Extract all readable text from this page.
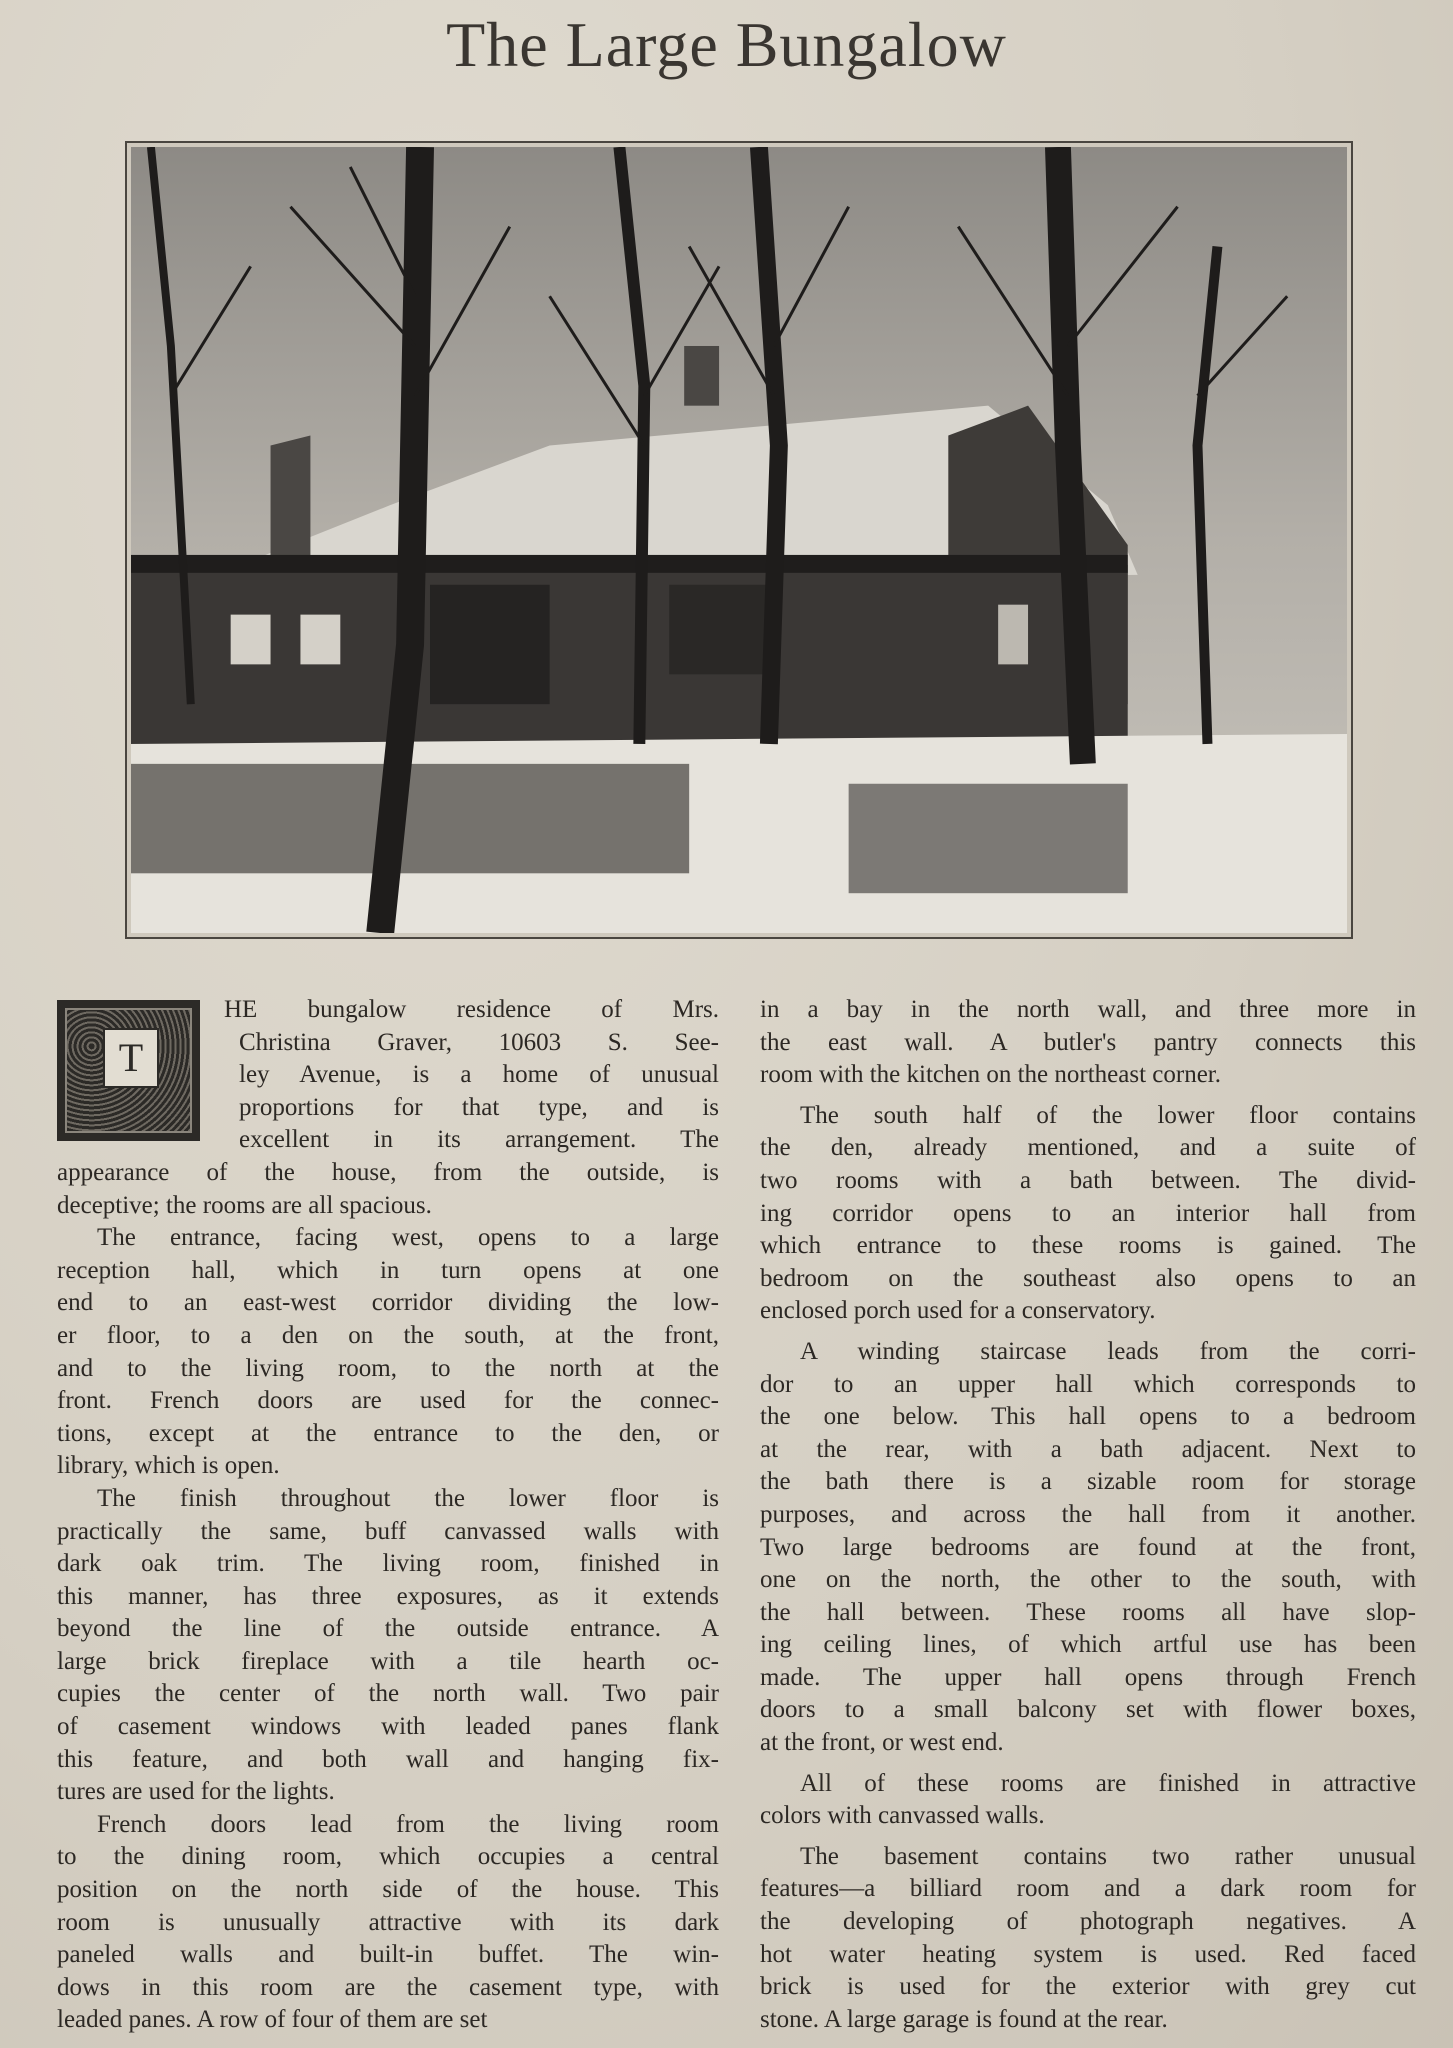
The Large Bungalow
T
HE bungalow residence of Mrs.
Christina Graver, 10603 S. See-
ley Avenue, is a home of unusual
proportions for that type, and is
excellent in its arrangement. The
appearance of the house, from the outside, is
deceptive; the rooms are all spacious.
The entrance, facing west, opens to a large
reception hall, which in turn opens at one
end to an east-west corridor dividing the low-
er floor, to a den on the south, at the front,
and to the living room, to the north at the
front. French doors are used for the connec-
tions, except at the entrance to the den, or
library, which is open.
The finish throughout the lower floor is
practically the same, buff canvassed walls with
dark oak trim. The living room, finished in
this manner, has three exposures, as it extends
beyond the line of the outside entrance. A
large brick fireplace with a tile hearth oc-
cupies the center of the north wall. Two pair
of casement windows with leaded panes flank
this feature, and both wall and hanging fix-
tures are used for the lights.
French doors lead from the living room
to the dining room, which occupies a central
position on the north side of the house. This
room is unusually attractive with its dark
paneled walls and built-in buffet. The win-
dows in this room are the casement type, with
leaded panes. A row of four of them are set
in a bay in the north wall, and three more in
the east wall. A butler's pantry connects this
room with the kitchen on the northeast corner.
The south half of the lower floor contains
the den, already mentioned, and a suite of
two rooms with a bath between. The divid-
ing corridor opens to an interior hall from
which entrance to these rooms is gained. The
bedroom on the southeast also opens to an
enclosed porch used for a conservatory.
A winding staircase leads from the corri-
dor to an upper hall which corresponds to
the one below. This hall opens to a bedroom
at the rear, with a bath adjacent. Next to
the bath there is a sizable room for storage
purposes, and across the hall from it another.
Two large bedrooms are found at the front,
one on the north, the other to the south, with
the hall between. These rooms all have slop-
ing ceiling lines, of which artful use has been
made. The upper hall opens through French
doors to a small balcony set with flower boxes,
at the front, or west end.
All of these rooms are finished in attractive
colors with canvassed walls.
The basement contains two rather unusual
features—a billiard room and a dark room for
the developing of photograph negatives. A
hot water heating system is used. Red faced
brick is used for the exterior with grey cut
stone. A large garage is found at the rear.
